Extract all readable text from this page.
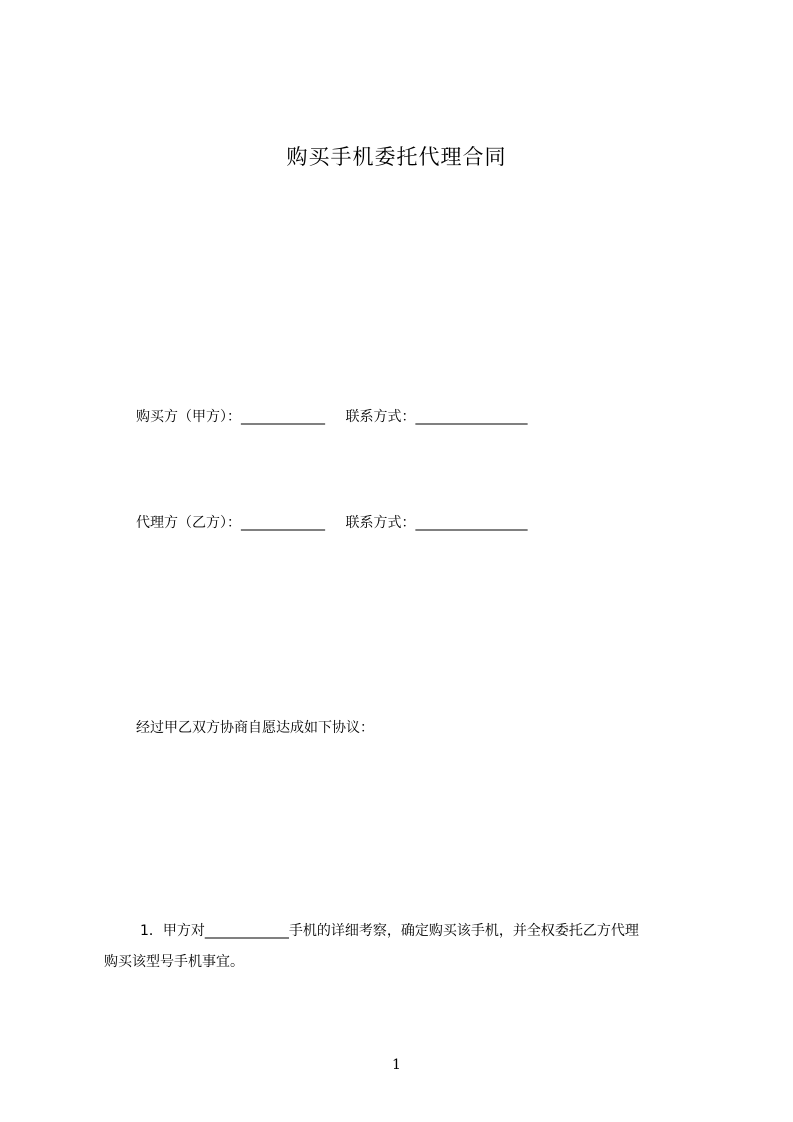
购买手机委托代理合同
购买方（甲方）：____________ 联系方式：________________
代理方（乙方）：____________ 联系方式：________________
经过甲乙双方协商自愿达成如下协议：
1．甲方对____________手机的详细考察，确定购买该手机，并全权委托乙方代理
购买该型号手机事宜。
1
